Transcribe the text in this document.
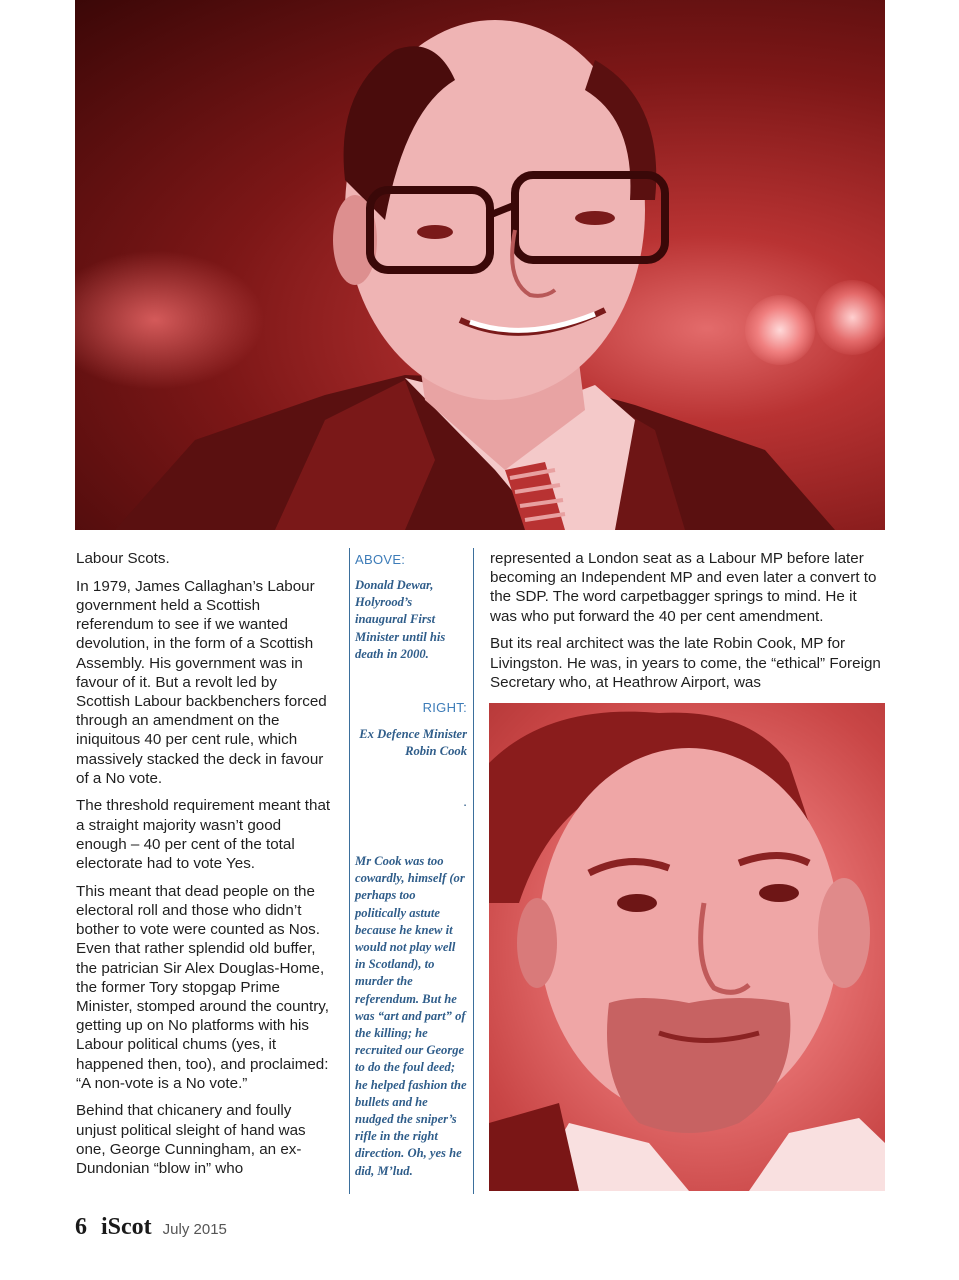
Labour Scots.

In 1979, James Callaghan’s Labour government held a Scottish referendum to see if we wanted devolution, in the form of a Scottish Assembly. His government was in favour of it. But a revolt led by Scottish Labour backbenchers forced through an amendment on the iniquitous 40 per cent rule, which massively stacked the deck in favour of a No vote.

The threshold requirement meant that a straight majority wasn’t good enough – 40 per cent of the total electorate had to vote Yes.

This meant that dead people on the electoral roll and those who didn’t bother to vote were counted as Nos. Even that rather splendid old buffer, the patrician Sir Alex Douglas-Home, the former Tory stopgap Prime Minister, stomped around the country, getting up on No platforms with his Labour political chums (yes, it happened then, too), and proclaimed: “A non-vote is a No vote.”

Behind that chicanery and foully unjust political sleight of hand was one, George Cunningham, an ex-Dundonian “blow in” who

ABOVE:
Donald Dewar, Holyrood’s inaugural First Minister until his death in 2000.
RIGHT:
Ex Defence Minister Robin Cook
.
Mr Cook was too cowardly, himself (or perhaps too politically astute because he knew it would not play well in Scotland), to murder the referendum. But he was “art and part” of the killing; he recruited our George to do the foul deed; he helped fashion the bullets and he nudged the sniper’s rifle in the right direction. Oh, yes he did, M’lud.

represented a London seat as a Labour MP before later becoming an Independent MP and even later a convert to the SDP. The word carpetbagger springs to mind. He it was who put forward the 40 per cent amendment.

But its real architect was the late Robin Cook, MP for Livingston. He was, in years to come, the “ethical” Foreign Secretary who, at Heathrow Airport, was

6 iScot July 2015
